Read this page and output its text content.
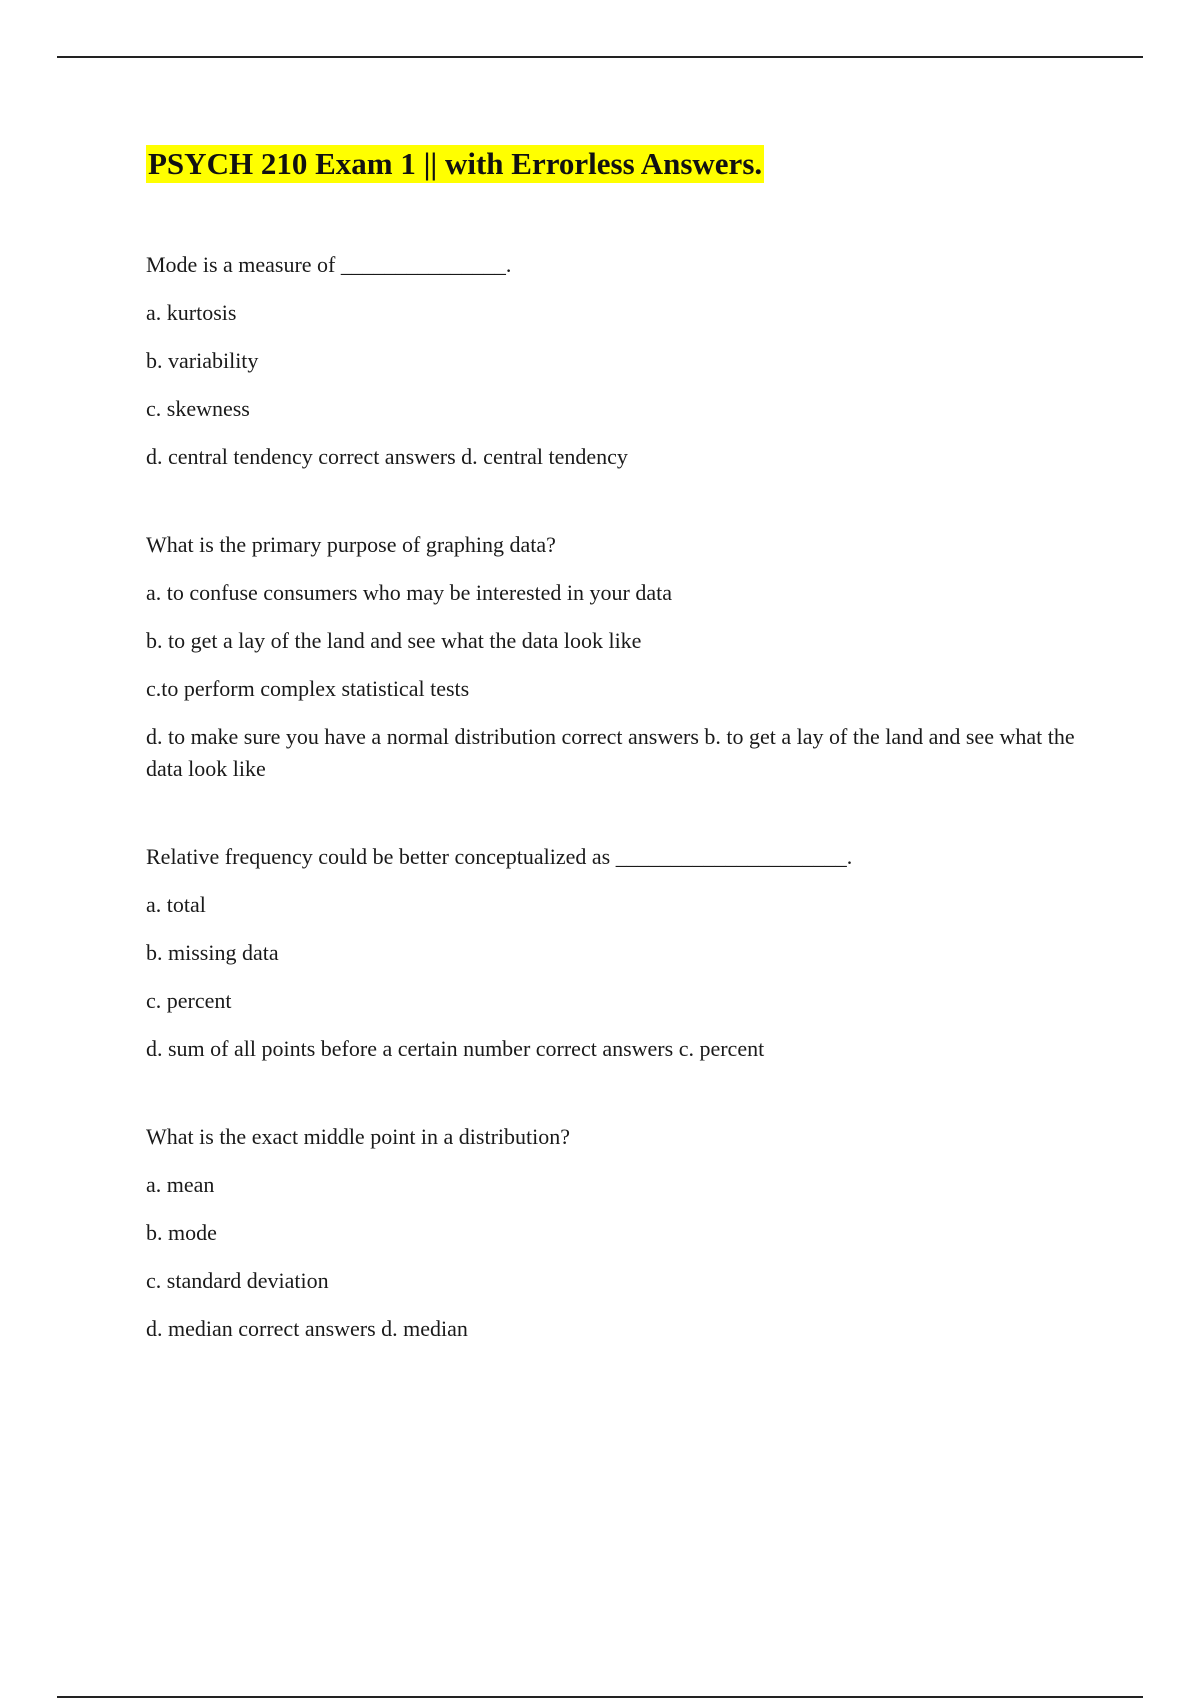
PSYCH 210 Exam 1 || with Errorless Answers.

Mode is a measure of _______________.

a. kurtosis

b. variability

c. skewness

d. central tendency correct answers d. central tendency

What is the primary purpose of graphing data?

a. to confuse consumers who may be interested in your data

b. to get a lay of the land and see what the data look like

c.to perform complex statistical tests

d. to make sure you have a normal distribution correct answers b. to get a lay of the land and see what the data look like

Relative frequency could be better conceptualized as _____________________.

a. total

b. missing data

c. percent

d. sum of all points before a certain number correct answers c. percent

What is the exact middle point in a distribution?

a. mean

b. mode

c. standard deviation

d. median correct answers d. median
